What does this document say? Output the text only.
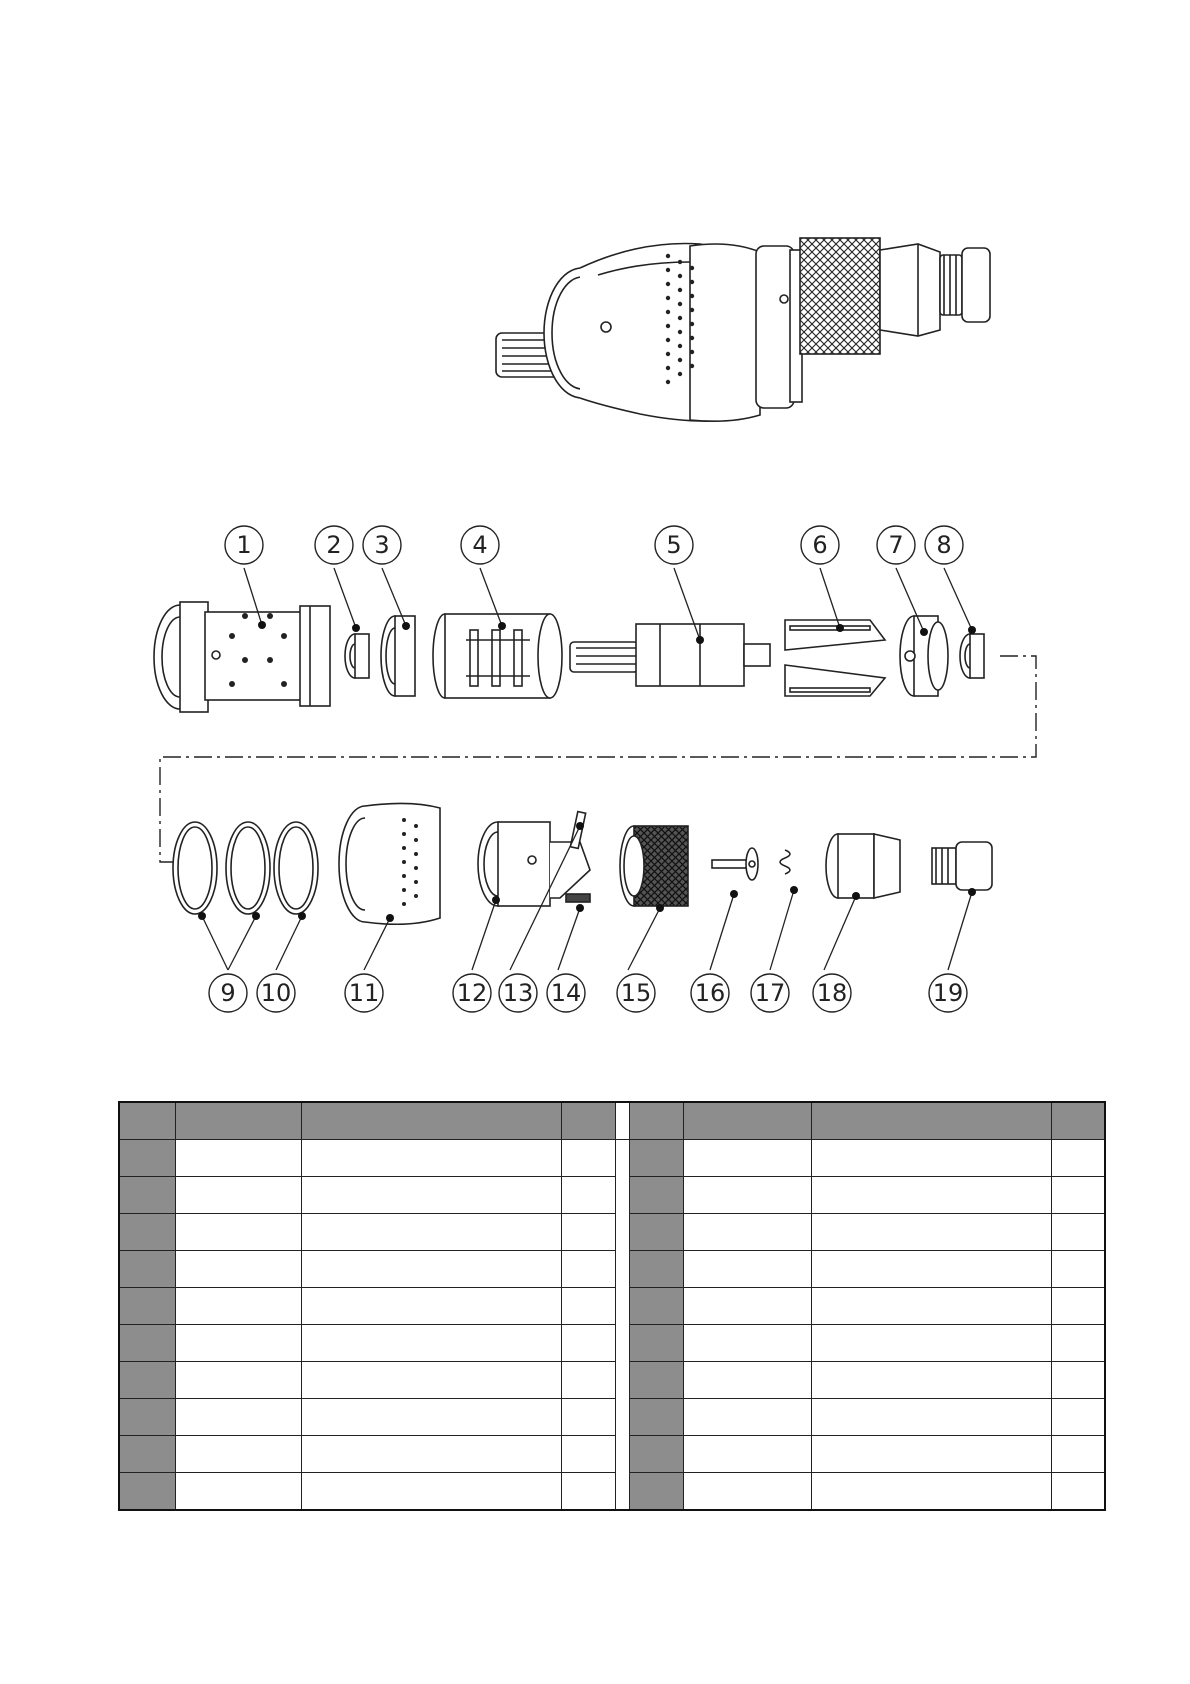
1	2 3	4	5	6	7 8
9 10 11	12 13 14 15 16 17 18	19
